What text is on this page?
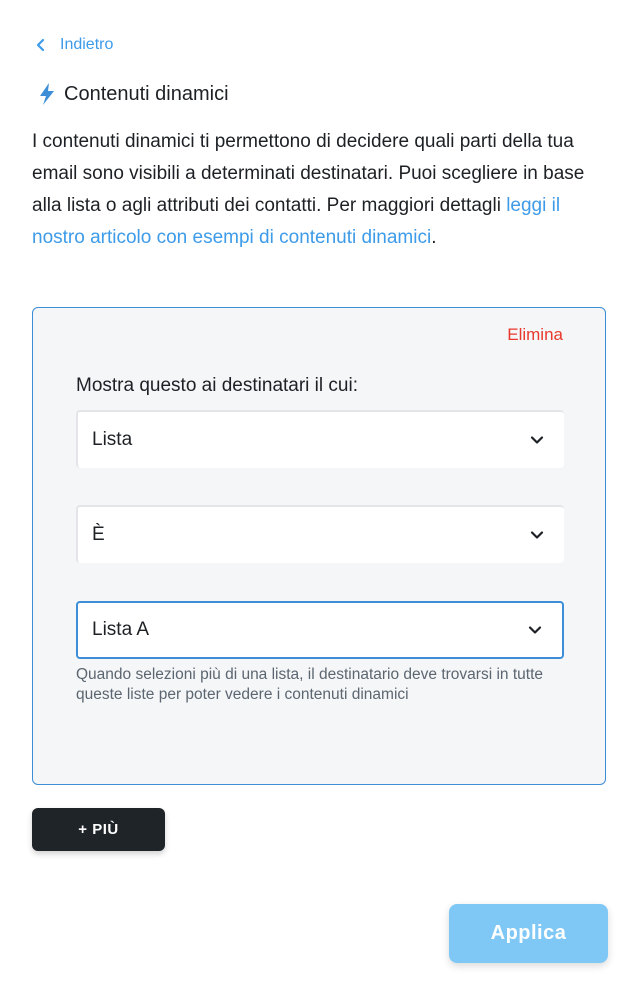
Indietro
Contenuti dinamici
I contenuti dinamici ti permettono di decidere quali parti della tua email sono visibili a determinati destinatari. Puoi scegliere in base alla lista o agli attributi dei contatti. Per maggiori dettagli leggi il nostro articolo con esempi di contenuti dinamici.
Elimina
Mostra questo ai destinatari il cui:
Lista
È
Lista A
Quando selezioni più di una lista, il destinatario deve trovarsi in tutte queste liste per poter vedere i contenuti dinamici
+ PIÙ
Applica
